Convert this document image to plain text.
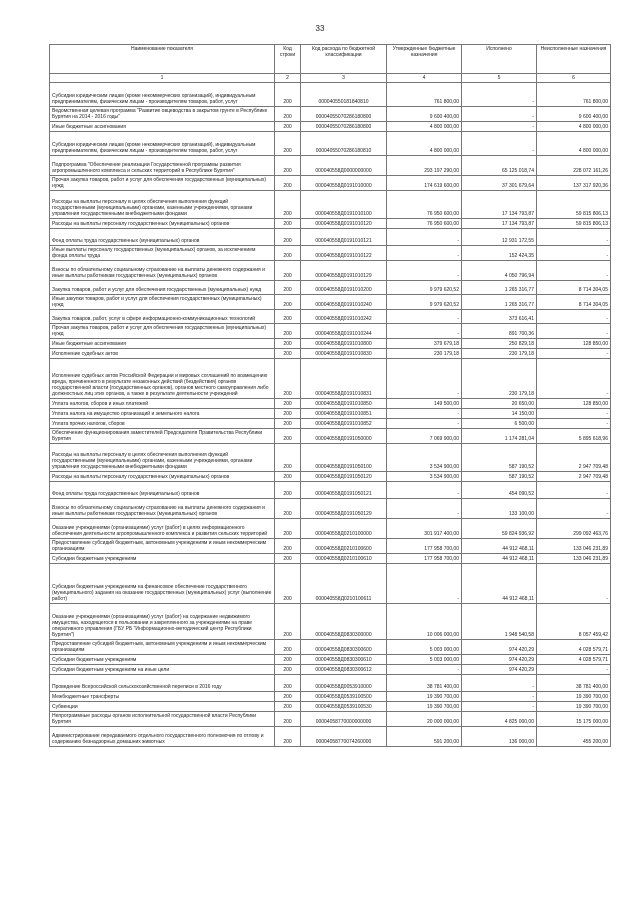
33
Наименование показателя	Код строки	Код расхода по бюджетной классификации	Утвержденные бюджетные назначения	Исполнено	Неисполненные назначения
1	2	3	4	5	6
Субсидии юридическим лицам (кроме некоммерческих организаций), индивидуальным предпринимателям, физическим лицам - производителям товаров, работ, услуг	200	000040550181840810	761 800,00	-	761 800,00
Ведомственная целевая программа "Развитие овцеводства в закрытом грунте в Республике Бурятия на 2014 - 2016 годы"	200	00004055070286180800	9 600 400,00	-	9 600 400,00
Иные бюджетные ассигнования	200	00004055070286180800	4 800 000,00	-	4 800 000,00
Субсидии юридическим лицам (кроме некоммерческих организаций), индивидуальным предпринимателям, физическим лицам - производителям товаров, работ, услуг	200	00004055070286180810	4 800 000,00	-	4 800 000,00
Подпрограмма "Обеспечение реализации Государственной программы развития агропромышленного комплекса и сельских территорий в Республике Бурятия"	200	000040558Д0000000000	293 197 290,00	65 125 018,74	228 072 161,26
Прочая закупка товаров, работ и услуг для обеспечения государственных (муниципальных) нужд	200	000040558Д0191010000	174 619 600,00	37 301 679,64	137 317 920,36
Расходы на выплаты персоналу в целях обеспечения выполнения функций государственными (муниципальными) органами, казенными учреждениями, органами управления государственными внебюджетными фондами	200	000040558Д0191010100	76 950 600,00	17 134 793,87	59 815 806,13
Расходы на выплаты персоналу государственных (муниципальных) органов	200	000040558Д0191010120	76 950 600,00	17 134 793,87	59 815 806,13
Фонд оплаты труда государственных (муниципальных) органов	200	000040558Д0191010121	-	12 931 172,55	-
Иные выплаты персоналу государственных (муниципальных) органов, за исключением фонда оплаты труда	200	000040558Д0191010122	-	152 424,35	-
Взносы по обязательному социальному страхованию на выплаты денежного содержания и иные выплаты работникам государственных (муниципальных) органов	200	000040558Д0191010129	-	4 050 796,94	-
Закупка товаров, работ и услуг для обеспечения государственных (муниципальных) нужд	200	000040558Д0191010200	9 979 620,52	1 265 316,77	8 714 304,05
Иные закупки товаров, работ и услуг для обеспечения государственных (муниципальных) нужд	200	000040558Д0191010240	9 979 620,52	1 265 316,77	8 714 304,05
Закупка товаров, работ, услуг в сфере информационно-коммуникационных технологий	200	000040558Д0191010242	-	373 616,41	-
Прочая закупка товаров, работ и услуг для обеспечения государственных (муниципальных) нужд	200	000040558Д0191010244	-	891 700,36	-
Иные бюджетные ассигнования	200	000040558Д0191010800	379 679,18	250 829,18	128 850,00
Исполнение судебных актов	200	000040558Д0191010830	230 179,18	230 179,18	-
Исполнение судебных актов Российской Федерации и мировых соглашений по возмещению вреда, причиненного в результате незаконных действий (бездействия) органов государственной власти (государственных органов), органов местного самоуправления либо должностных лиц этих органов, а также в результате деятельности учреждений	200	000040558Д0191010831	-	230 179,18	-
Уплата налогов, сборов и иных платежей	200	000040558Д0191010850	149 500,00	20 650,00	128 850,00
Уплата налога на имущество организаций и земельного налога	200	000040558Д0191010851	-	14 150,00	-
Уплата прочих налогов, сборов	200	000040558Д0191010852	-	6 500,00	-
Обеспечение функционирования заместителей Председателя Правительства Республики Бурятия	200	000040558Д0191050000	7 069 900,00	1 174 281,04	5 895 618,96
Расходы на выплаты персоналу в целях обеспечения выполнения функций государственными (муниципальными) органами, казенными учреждениями, органами управления государственными внебюджетными фондами	200	000040558Д0191050100	3 534 900,00	587 190,52	2 947 709,48
Расходы на выплаты персоналу государственных (муниципальных) органов	200	000040558Д0191050120	3 534 900,00	587 190,52	2 947 709,48
Фонд оплаты труда государственных (муниципальных) органов	200	000040558Д0191050121	-	454 090,52	-
Взносы по обязательному социальному страхованию на выплаты денежного содержания и иные выплаты работникам государственных (муниципальных) органов	200	000040558Д0191050129	-	133 100,00	-
Оказание учреждениями (организациями) услуг (работ) в целях информационного обеспечения деятельности агропромышленного комплекса и развития сельских территорий	200	000040558Д0210100000	301 917 400,00	59 824 936,92	299 092 463,76
Предоставление субсидий бюджетным, автономным учреждениям и иным некоммерческим организациям	200	000040558Д0210100600	177 958 700,00	44 912 468,11	133 046 231,89
Субсидии бюджетным учреждениям	200	000040558Д0210100610	177 958 700,00	44 912 468,11	133 046 231,89
Субсидии бюджетным учреждениям на финансовое обеспечение государственного (муниципального) задания на оказание государственных (муниципальных) услуг (выполнение работ)	200	000040558Д0210100611	-	44 912 468,11	-
Оказание учреждениями (организациями) услуг (работ) на содержание недвижимого имущества, находящегося в пользовании и закрепленного за учреждениями на праве оперативного управления (ГБУ РБ "Информационно-методический центр Республики Бурятия")	200	000040558Д0830300000	10 006 000,00	1 948 540,58	8 057 459,42
Предоставление субсидий бюджетным, автономным учреждениям и иным некоммерческим организациям	200	000040558Д0830300600	5 003 000,00	974 420,29	4 028 579,71
Субсидии бюджетным учреждениям	200	000040558Д0830300610	5 003 000,00	974 420,29	4 028 579,71
Субсидии бюджетным учреждениям на иные цели	200	000040558Д0830300612	-	974 420,29	-
Проведение Всероссийской сельскохозяйственной переписи в 2016 году	200	000040558Д0053910000	38 781 400,00	-	38 781 400,00
Межбюджетные трансферты	200	000040558Д0539100500	19 390 700,00	-	19 390 700,00
Субвенции	200	000040558Д0539100530	19 390 700,00	-	19 390 700,00
Непрограммные расходы органов исполнительной государственной власти Республики Бурятия	200	00004058770000000000	20 000 000,00	4 825 000,00	15 175 000,00
Администрирование передаваемого отдельного государственного полномочия по отлову и содержанию безнадзорных домашних животных	200	00004058770074260000	591 200,00	136 000,00	455 200,00
